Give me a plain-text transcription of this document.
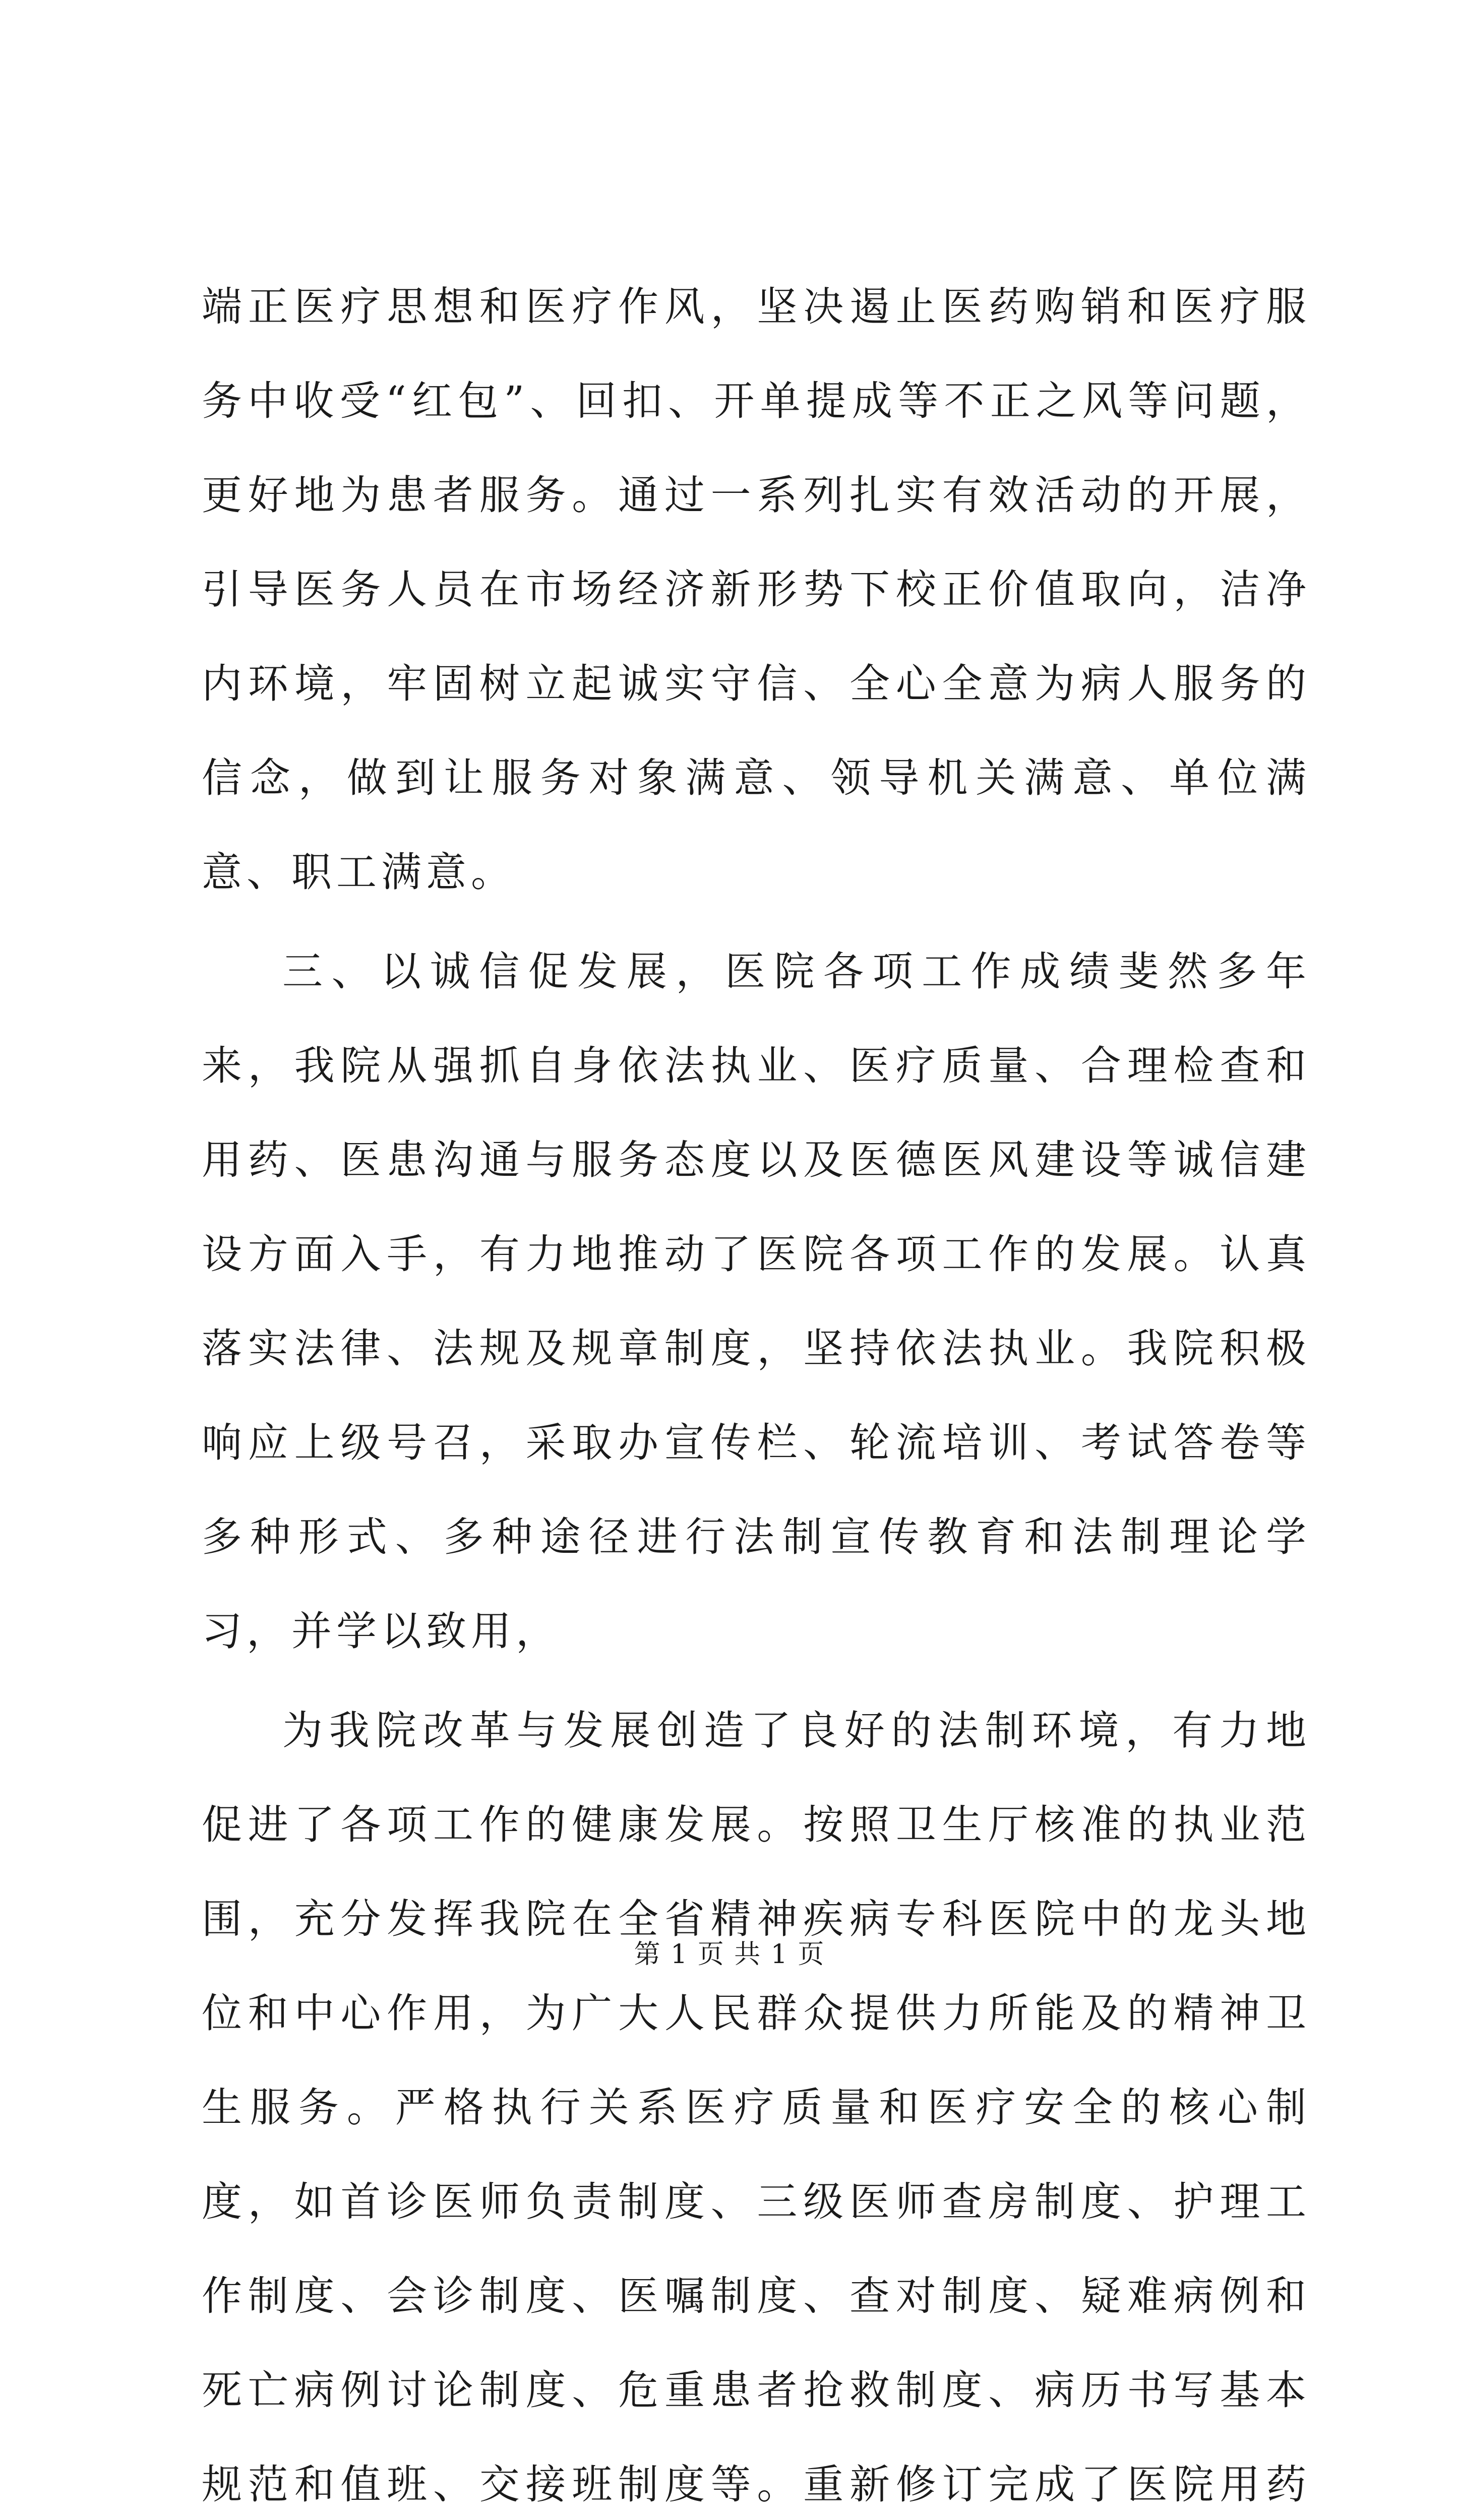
端正医疗思想和医疗作风，坚决遏止医药购销和医疗服务中收受“红包”、回扣、开单提成等不正之风等问题，更好地为患者服务。通过一系列扎实有效活动的开展，引导医务人员在市场经济新形势下校正价值取向，洁净内环境，牢固树立起诚实守信、全心全意为病人服务的信念，做到让服务对象满意、领导机关满意、单位满意、职工满意。

三、以诚信促发展，医院各项工作成绩斐然多年来，我院从强抓自身依法执业、医疗质量、合理检查和用药、医患沟通与服务态度以及医德医风建设等诚信建设方面入手，有力地推动了医院各项工作的发展。认真落实法律、法规及规章制度，坚持依法执业。我院积极响应上级号召，采取办宣传栏、轮流培训、考试答卷等多种形式、多种途径进行法制宣传教育和法制理论学习，并学以致用，

为我院改革与发展创造了良好的法制环境，有力地促进了各项工作的健康发展。按照卫生厅核准的执业范围，充分发挥我院在全省精神疾病专科医院中的龙头地位和中心作用，为广大人民群众提供力所能及的精神卫生服务。严格执行关系医疗质量和医疗安全的核心制度，如首诊医师负责制度、三级医师查房制度、护理工作制度、会诊制度、医嘱制度、查对制度、疑难病例和死亡病例讨论制度、危重患者抢救制度、病历书写基本规范和值班、交接班制度等。重新修订完成了医院用药

第 1 页 共 1 页
